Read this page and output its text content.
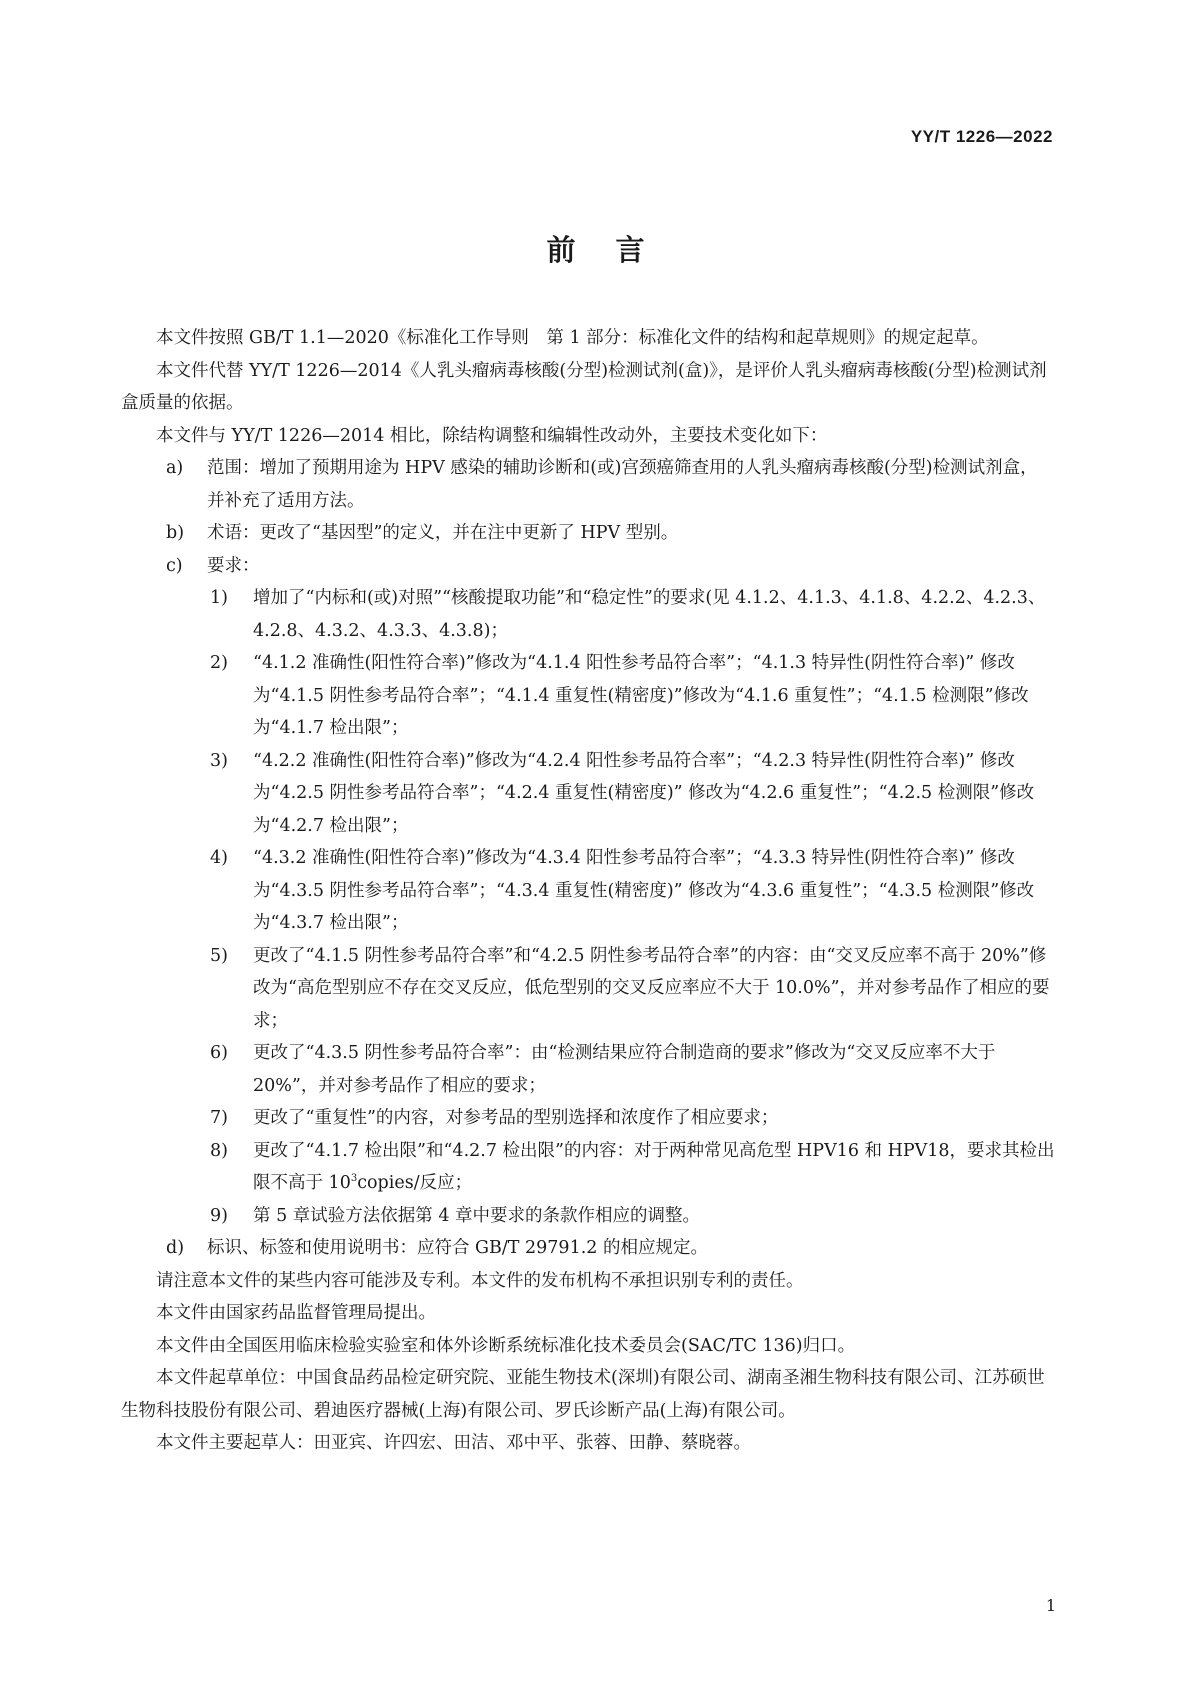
YY/T 1226—2022
前言

本文件按照 GB/T 1.1—2020《标准化工作导则　第 1 部分：标准化文件的结构和起草规则》的规定起草。

本文件代替 YY/T 1226—2014《人乳头瘤病毒核酸(分型)检测试剂(盒)》，是评价人乳头瘤病毒核酸(分型)检测试剂盒质量的依据。

本文件与 YY/T 1226—2014 相比，除结构调整和编辑性改动外，主要技术变化如下：

a) 范围：增加了预期用途为 HPV 感染的辅助诊断和(或)宫颈癌筛查用的人乳头瘤病毒核酸(分型)检测试剂盒，并补充了适用方法。

b) 术语：更改了“基因型”的定义，并在注中更新了 HPV 型别。

c) 要求：

1) 增加了“内标和(或)对照”“核酸提取功能”和“稳定性”的要求(见 4.1.2、4.1.3、4.1.8、4.2.2、4.2.3、4.2.8、4.3.2、4.3.3、4.3.8)；

2) “4.1.2 准确性(阳性符合率)”修改为“4.1.4 阳性参考品符合率”；“4.1.3 特异性(阴性符合率)” 修改为“4.1.5 阴性参考品符合率”；“4.1.4 重复性(精密度)”修改为“4.1.6 重复性”；“4.1.5 检测限”修改为“4.1.7 检出限”；

3) “4.2.2 准确性(阳性符合率)”修改为“4.2.4 阳性参考品符合率”；“4.2.3 特异性(阴性符合率)” 修改为“4.2.5 阴性参考品符合率”；“4.2.4 重复性(精密度)” 修改为“4.2.6 重复性”；“4.2.5 检测限”修改为“4.2.7 检出限”；

4) “4.3.2 准确性(阳性符合率)”修改为“4.3.4 阳性参考品符合率”；“4.3.3 特异性(阴性符合率)” 修改为“4.3.5 阴性参考品符合率”；“4.3.4 重复性(精密度)” 修改为“4.3.6 重复性”；“4.3.5 检测限”修改为“4.3.7 检出限”；

5) 更改了“4.1.5 阴性参考品符合率”和“4.2.5 阴性参考品符合率”的内容：由“交叉反应率不高于 20%”修改为“高危型别应不存在交叉反应，低危型别的交叉反应率应不大于 10.0%”，并对参考品作了相应的要求；

6) 更改了“4.3.5 阴性参考品符合率”：由“检测结果应符合制造商的要求”修改为“交叉反应率不大于 20%”，并对参考品作了相应的要求；

7) 更改了“重复性”的内容，对参考品的型别选择和浓度作了相应要求；

8) 更改了“4.1.7 检出限”和“4.2.7 检出限”的内容：对于两种常见高危型 HPV16 和 HPV18，要求其检出限不高于 $10^3copies/$反应；

9) 第 5 章试验方法依据第 4 章中要求的条款作相应的调整。

d) 标识、标签和使用说明书：应符合 GB/T 29791.2 的相应规定。

请注意本文件的某些内容可能涉及专利。本文件的发布机构不承担识别专利的责任。

本文件由国家药品监督管理局提出。

本文件由全国医用临床检验实验室和体外诊断系统标准化技术委员会(SAC/TC 136)归口。

本文件起草单位：中国食品药品检定研究院、亚能生物技术(深圳)有限公司、湖南圣湘生物科技有限公司、江苏硕世生物科技股份有限公司、碧迪医疗器械(上海)有限公司、罗氏诊断产品(上海)有限公司。

本文件主要起草人：田亚宾、许四宏、田洁、邓中平、张蓉、田静、蔡晓蓉。

1
